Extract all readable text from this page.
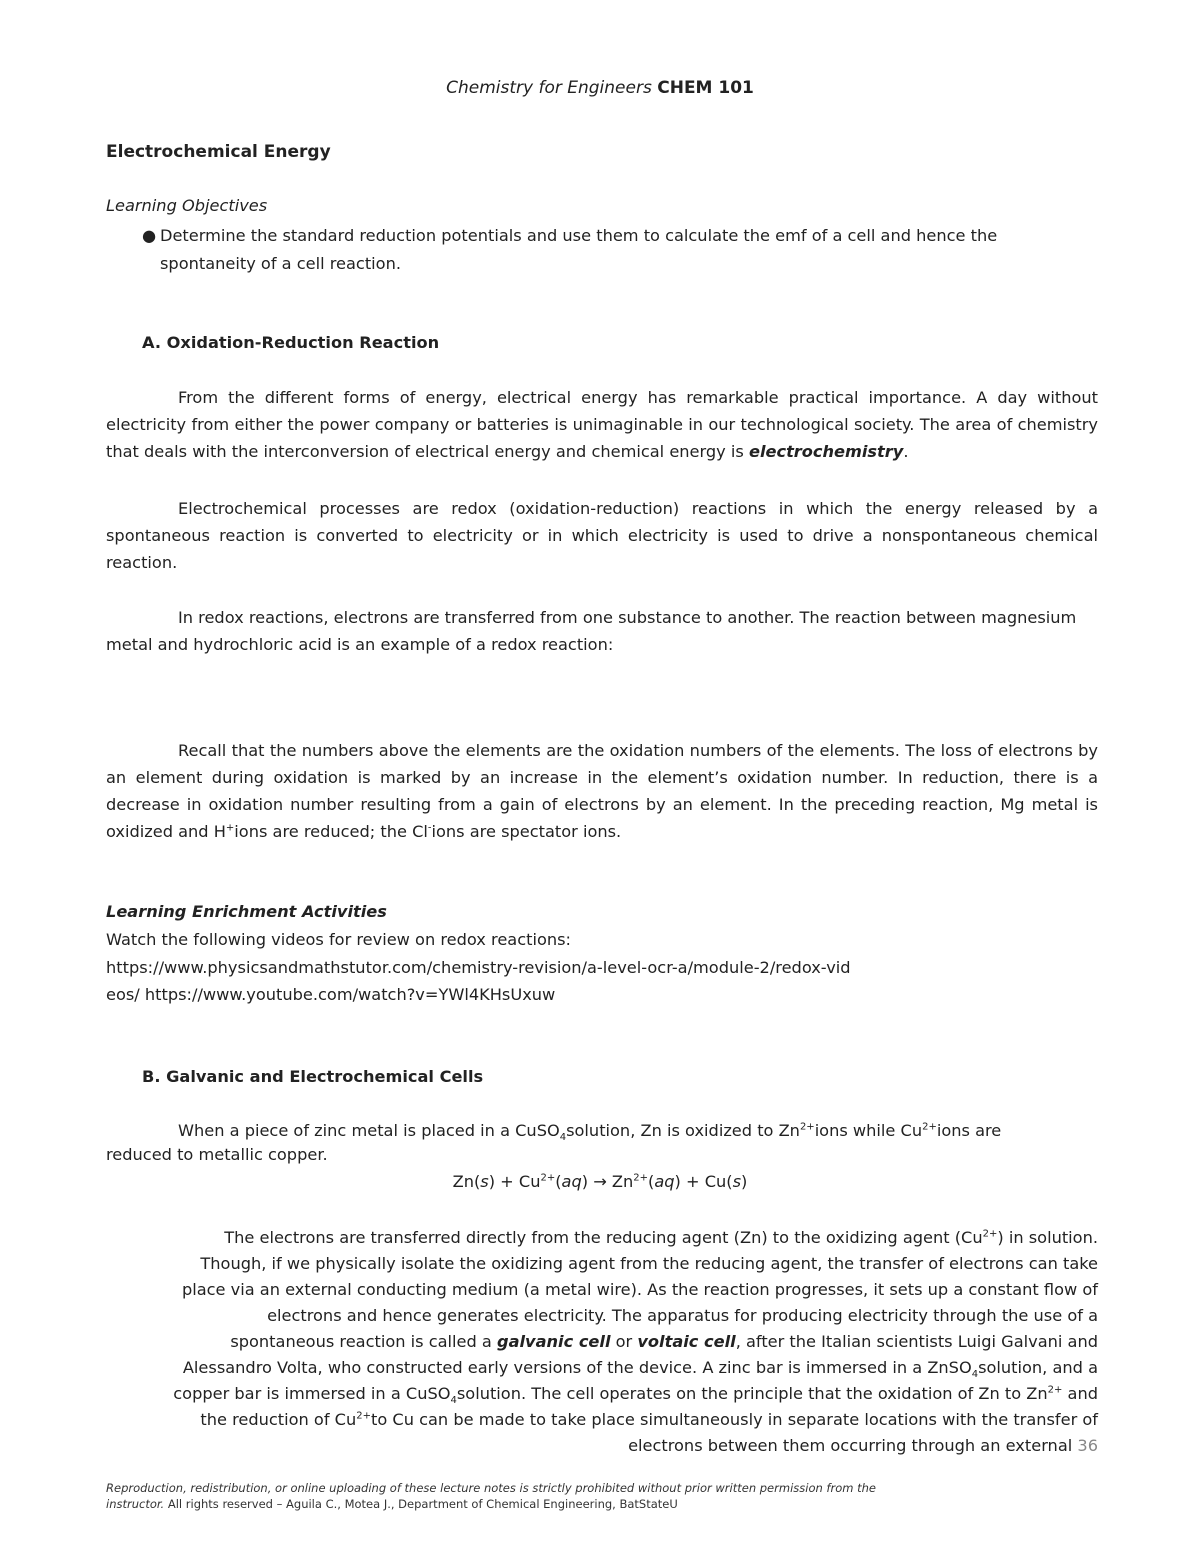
Chemistry for Engineers CHEM 101
Electrochemical Energy
Learning Objectives
● Determine the standard reduction potentials and use them to calculate the emf of a cell and hence the spontaneity of a cell reaction.
A. Oxidation-Reduction Reaction
From the different forms of energy, electrical energy has remarkable practical importance. A day without electricity from either the power company or batteries is unimaginable in our technological society. The area of chemistry that deals with the interconversion of electrical energy and chemical energy is electrochemistry.
Electrochemical processes are redox (oxidation-reduction) reactions in which the energy released by a spontaneous reaction is converted to electricity or in which electricity is used to drive a nonspontaneous chemical reaction.
In redox reactions, electrons are transferred from one substance to another. The reaction between magnesium metal and hydrochloric acid is an example of a redox reaction:
Recall that the numbers above the elements are the oxidation numbers of the elements. The loss of electrons by an element during oxidation is marked by an increase in the element’s oxidation number. In reduction, there is a decrease in oxidation number resulting from a gain of electrons by an element. In the preceding reaction, Mg metal is oxidized and H+ions are reduced; the Cl-ions are spectator ions.
Learning Enrichment Activities
Watch the following videos for review on redox reactions:
https://www.physicsandmathstutor.com/chemistry-revision/a-level-ocr-a/module-2/redox-vid
eos/ https://www.youtube.com/watch?v=YWl4KHsUxuw
B. Galvanic and Electrochemical Cells
When a piece of zinc metal is placed in a CuSO$_4$solution, Zn is oxidized to $Zn^{2+}ions$ while $Cu^{2+}ions$ are
reduced to metallic copper.
$Zn(s) + Cu^{2+}(aq) \to Zn^{2+}(aq) + Cu(s)$
The electrons are transferred directly from the reducing agent (Zn) to the oxidizing agent $(Cu^{2+})$ in solution.
Though, if we physically isolate the oxidizing agent from the reducing agent, the transfer of electrons can take
place via an external conducting medium (a metal wire). As the reaction progresses, it sets up a constant flow of
electrons and hence generates electricity. The apparatus for producing electricity through the use of a
spontaneous reaction is called a galvanic cell or voltaic cell, after the Italian scientists Luigi Galvani and
Alessandro Volta, who constructed early versions of the device. A zinc bar is immersed in a ZnSO$_4$solution, and a
copper bar is immersed in a CuSO$_4$solution. The cell operates on the principle that the oxidation of Zn to $Zn^{2+}$ and
the reduction of $Cu^{2+}to$ Cu can be made to take place simultaneously in separate locations with the transfer of
electrons between them occurring through an external 36
Reproduction, redistribution, or online uploading of these lecture notes is strictly prohibited without prior written permission from the
instructor. All rights reserved – Aguila C., Motea J., Department of Chemical Engineering, BatStateU
